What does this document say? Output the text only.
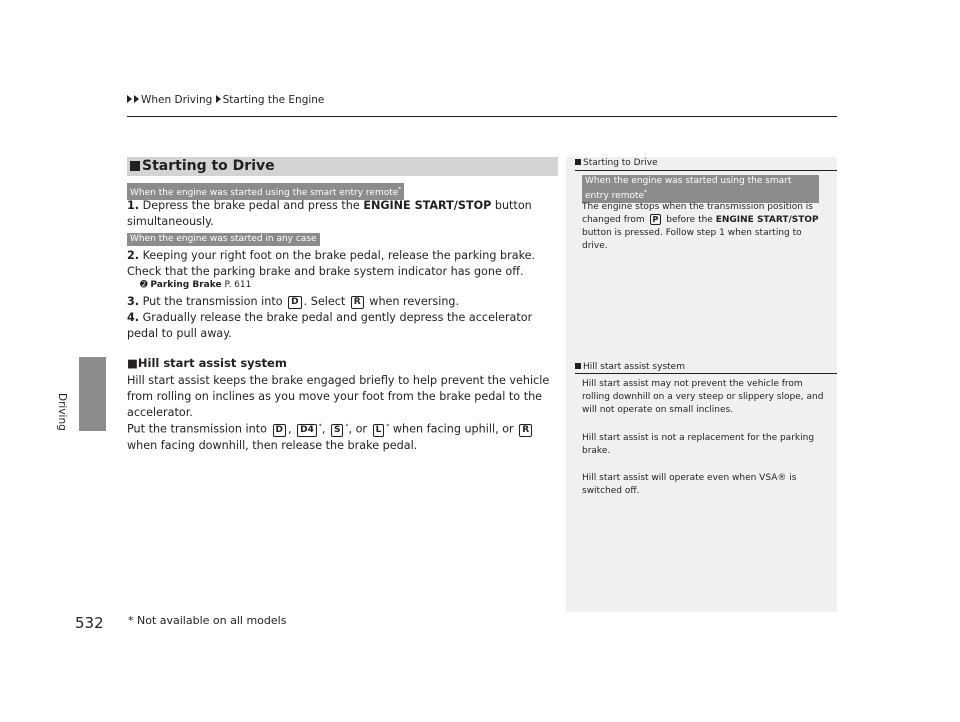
When Driving Starting the Engine
Driving
532 * Not available on all models
Starting to Drive
When the engine was started using the smart entry remote*
1. Depress the brake pedal and press the ENGINE START/STOP button simultaneously.
When the engine was started in any case
2. Keeping your right foot on the brake pedal, release the parking brake. Check that the parking brake and brake system indicator has gone off.
➋ Parking Brake P. 611
3. Put the transmission into D . Select R when reversing.
4. Gradually release the brake pedal and gently depress the accelerator pedal to pull away.
■Hill start assist system
Hill start assist keeps the brake engaged briefly to help prevent the vehicle from rolling on inclines as you move your foot from the brake pedal to the accelerator.
Put the transmission into D , D4 *, S *, or L * when facing uphill, or R when facing downhill, then release the brake pedal.
Starting to Drive
When the engine was started using the smart entry remote*
The engine stops when the transmission position is changed from P before the ENGINE START/STOP button is pressed. Follow step 1 when starting to drive.
Hill start assist system
Hill start assist may not prevent the vehicle from rolling downhill on a very steep or slippery slope, and will not operate on small inclines.
Hill start assist is not a replacement for the parking brake.
Hill start assist will operate even when VSA® is switched off.
